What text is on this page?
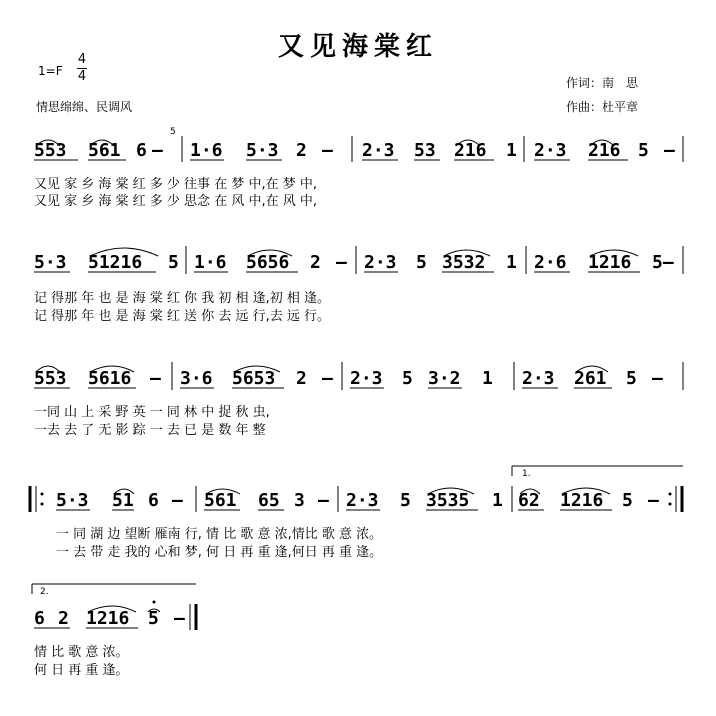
又见海棠红
1=F
4
4
情思绵绵、民调风
作词：南　思
作曲：杜平章
553 561 6 –
5
1·6 5·3 2 – 2·3 53 216 1 2·3 216 5 –
又见 家 乡 海 棠 红 多 少 往事 在 梦 中,在 梦 中,
又见 家 乡 海 棠 红 多 少 思念 在 风 中,在 风 中,
5·3 51216 5 1·6 5656 2 – 2·3 5 3532 1 2·6 1216 5–
记 得那 年 也 是 海 棠 红 你 我 初 相 逢,初 相 逢。
记 得那 年 也 是 海 棠 红 送 你 去 远 行,去 远 行。
553 5616 – 3·6 5653 2 – 2·3 5 3·2 1 2·3 261 5 –
一同 山 上 采 野 英 一 同 林 中 捉 秋 虫,
一去 去 了 无 影 踪 一 去 已 是 数 年 整
1.
5·3 51 6 – 561 65 3 – 2·3 5 3535 1 62 1216 5 –
一 同 湖 边 望断 雁南 行, 情 比 歌 意 浓,情比 歌 意 浓。
一 去 带 走 我的 心和 梦, 何 日 再 重 逢,何日 再 重 逢。
2.
6 2 1216 5 –
情 比 歌 意 浓。
何 日 再 重 逢。
